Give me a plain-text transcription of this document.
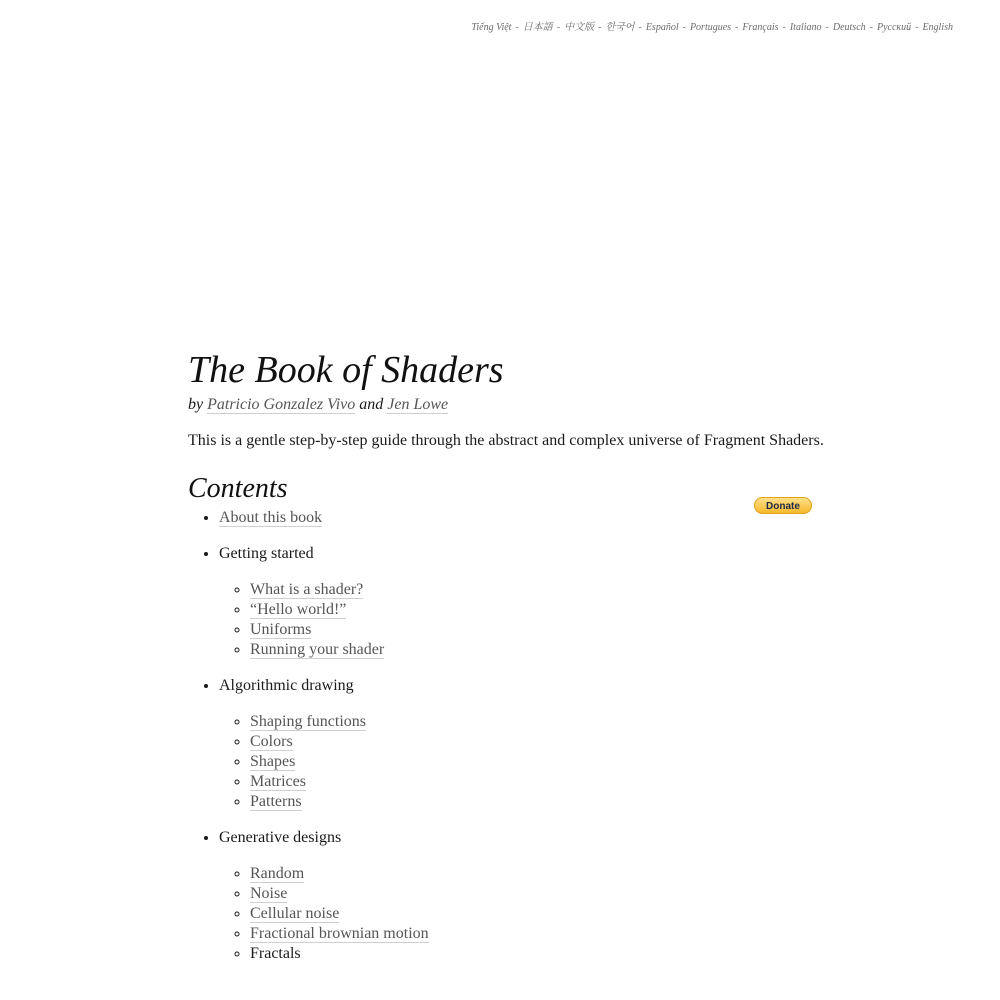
Tiếng Việt - 日本語 - 中文版 - 한국어 - Español - Portugues - Français - Italiano - Deutsch - Русский - English
The Book of Shaders

by Patricio Gonzalez Vivo and Jen Lowe

This is a gentle step-by-step guide through the abstract and complex universe of Fragment Shaders.

Contents
Donate
• About this book
• Getting started
◦ What is a shader?
◦ “Hello world!”
◦ Uniforms
◦ Running your shader
• Algorithmic drawing
◦ Shaping functions
◦ Colors
◦ Shapes
◦ Matrices
◦ Patterns
• Generative designs
◦ Random
◦ Noise
◦ Cellular noise
◦ Fractional brownian motion
◦ Fractals
